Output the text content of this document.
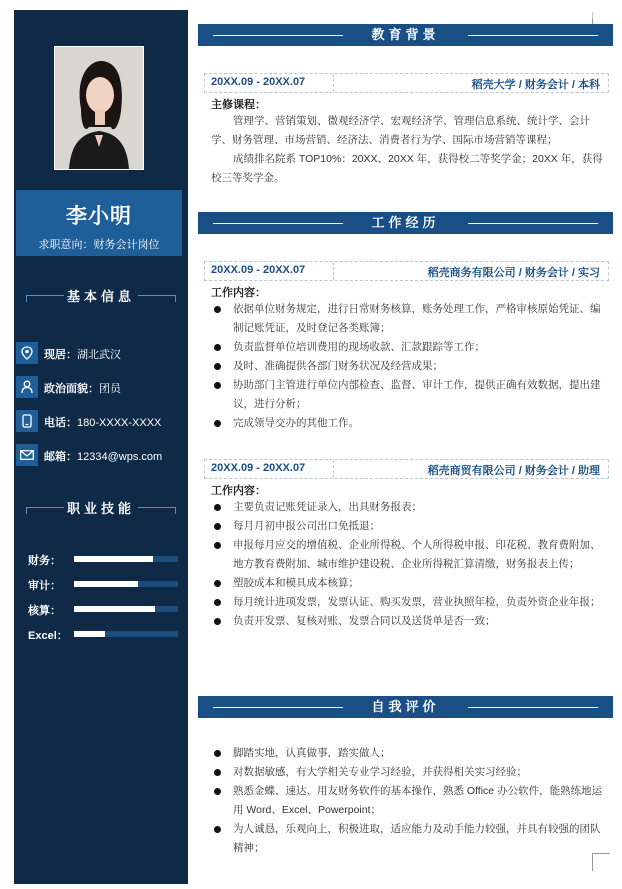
李小明
求职意向：财务会计岗位
基本信息
现居：湖北武汉
政治面貌：团员
电话：180-XXXX-XXXX
邮箱：12334@wps.com
职业技能
财务：
审计：
核算：
Excel：
教育背景
20XX.09 - 20XX.07	稻壳大学 / 财务会计 / 本科
主修课程：
管理学、营销策划、微观经济学、宏观经济学、管理信息系统、统计学、会计学、财务管理、市场营销、经济法、消费者行为学、国际市场营销等课程；
成绩排名院系 TOP10%：20XX、20XX 年，获得校二等奖学金；20XX 年，获得校三等奖学金。
工作经历
20XX.09 - 20XX.07	稻壳商务有限公司 / 财务会计 / 实习
工作内容：
依据单位财务规定，进行日常财务核算，账务处理工作，严格审核原始凭证、编制记账凭证，及时登记各类账簿；
负责监督单位培训费用的现场收款、汇款跟踪等工作；
及时、准确提供各部门财务状况及经营成果；
协助部门主管进行单位内部检查、监督、审计工作，提供正确有效数据，提出建议，进行分析；
完成领导交办的其他工作。
20XX.09 - 20XX.07	稻壳商贸有限公司 / 财务会计 / 助理
工作内容：
主要负责记账凭证录入，出具财务报表；
每月月初申报公司出口免抵退；
申报每月应交的增值税、企业所得税、个人所得税申报、印花税、教育费附加、地方教育费附加、城市维护建设税、企业所得税汇算清缴，财务报表上传；
塑胶成本和模具成本核算；
每月统计进项发票，发票认证、购买发票，营业执照年检，负责外资企业年报；
负责开发票、复核对账、发票合同以及送货单是否一致；
自我评价
脚踏实地，认真做事，踏实做人；
对数据敏感，有大学相关专业学习经验，并获得相关实习经验；
熟悉金蝶、速达、用友财务软件的基本操作，熟悉 Office 办公软件，能熟练地运用 Word、Excel、Powerpoint；
为人诚恳，乐观向上，积极进取，适应能力及动手能力较强，并具有较强的团队精神；
